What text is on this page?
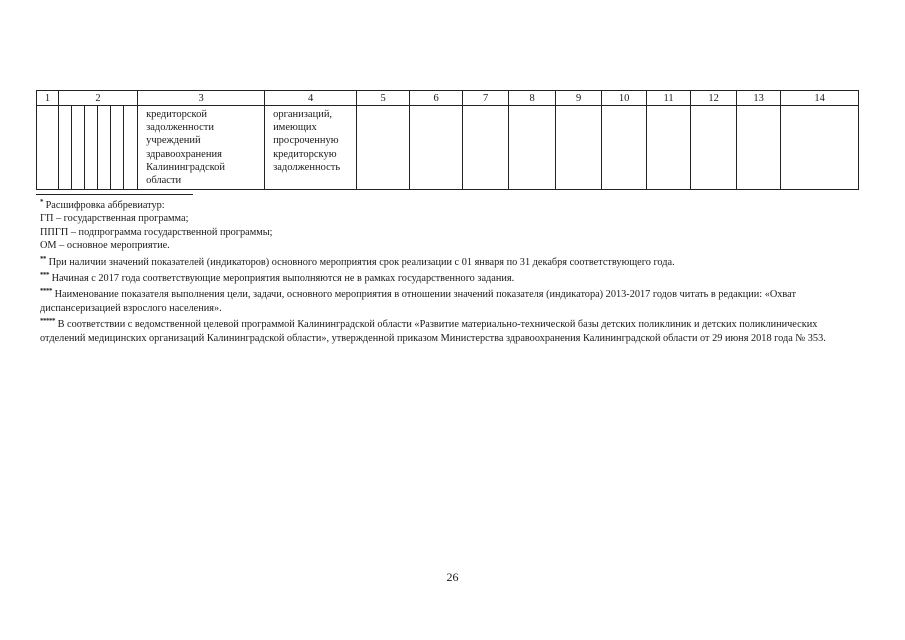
1	2						3	4	5	6	7	8	9	10	11	12	13	14

							кредиторской задолженности учреждений здравоохранения Калининградской области	организаций, имеющих просроченную кредиторскую задолженность										

* Расшифровка аббревиатур:
ГП – государственная программа;
ППГП – подпрограмма государственной программы;
ОМ – основное мероприятие.
** При наличии значений показателей (индикаторов) основного мероприятия срок реализации с 01 января по 31 декабря соответствующего года.
*** Начиная с 2017 года соответствующие мероприятия выполняются не в рамках государственного задания.
**** Наименование показателя выполнения цели, задачи, основного мероприятия в отношении значений показателя (индикатора) 2013-2017 годов читать в редакции: «Охват диспансеризацией взрослого населения».
***** В соответствии с ведомственной целевой программой Калининградской области «Развитие материально-технической базы детских поликлиник и детских поликлинических отделений медицинских организаций Калининградской области», утвержденной приказом Министерства здравоохранения Калининградской области от 29 июня 2018 года № 353.
26
